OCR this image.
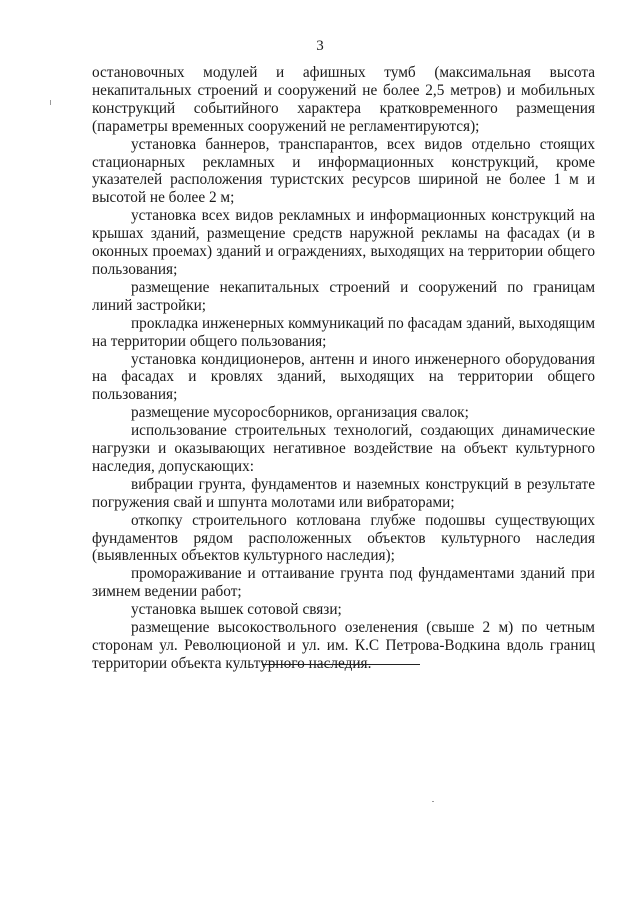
3

остановочных модулей и афишных тумб (максимальная высота некапитальных строений и сооружений не более 2,5 метров) и мобильных конструкций событийного характера кратковременного размещения (параметры временных сооружений не регламентируются);

установка баннеров, транспарантов, всех видов отдельно стоящих стационарных рекламных и информационных конструкций, кроме указателей расположения туристских ресурсов шириной не более 1 м и высотой не более 2 м;

установка всех видов рекламных и информационных конструкций на крышах зданий, размещение средств наружной рекламы на фасадах (и в оконных проемах) зданий и ограждениях, выходящих на территории общего пользования;

размещение некапитальных строений и сооружений по границам линий застройки;

прокладка инженерных коммуникаций по фасадам зданий, выходящим на территории общего пользования;

установка кондиционеров, антенн и иного инженерного оборудования на фасадах и кровлях зданий, выходящих на территории общего пользования;

размещение мусоросборников, организация свалок;

использование строительных технологий, создающих динамические нагрузки и оказывающих негативное воздействие на объект культурного наследия, допускающих:

вибрации грунта, фундаментов и наземных конструкций в результате погружения свай и шпунта молотами или вибраторами;

откопку строительного котлована глубже подошвы существующих фундаментов рядом расположенных объектов культурного наследия (выявленных объектов культурного наследия);

промораживание и оттаивание грунта под фундаментами зданий при зимнем ведении работ;

установка вышек сотовой связи;

размещение высокоствольного озеленения (свыше 2 м) по четным сторонам ул. Революционой и ул. им. К.С Петрова-Водкина вдоль границ территории объекта культурного наследия.
